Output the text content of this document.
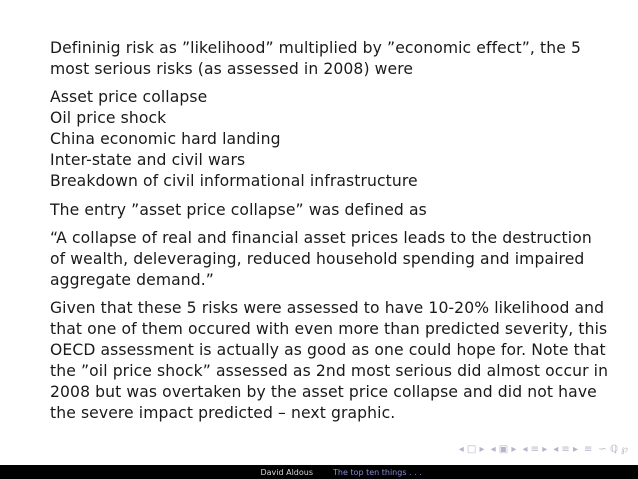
Defininig risk as ”likelihood” multiplied by ”economic effect”, the 5 most serious risks (as assessed in 2008) were

Asset price collapse
Oil price shock
China economic hard landing
Inter-state and civil wars
Breakdown of civil informational infrastructure

The entry ”asset price collapse” was defined as

“A collapse of real and financial asset prices leads to the destruction of wealth, deleveraging, reduced household spending and impaired aggregate demand.”

Given that these 5 risks were assessed to have 10-20% likelihood and that one of them occured with even more than predicted severity, this OECD assessment is actually as good as one could hope for. Note that the ”oil price shock” assessed as 2nd most serious did almost occur in 2008 but was overtaken by the asset price collapse and did not have the severe impact predicted – next graphic.

◂ □ ▸ ◂ ▣ ▸ ◂ ≡ ▸ ◂ ≡ ▸ ≡ ∽ ℚ ℘
David Aldous	The top ten things . . .
